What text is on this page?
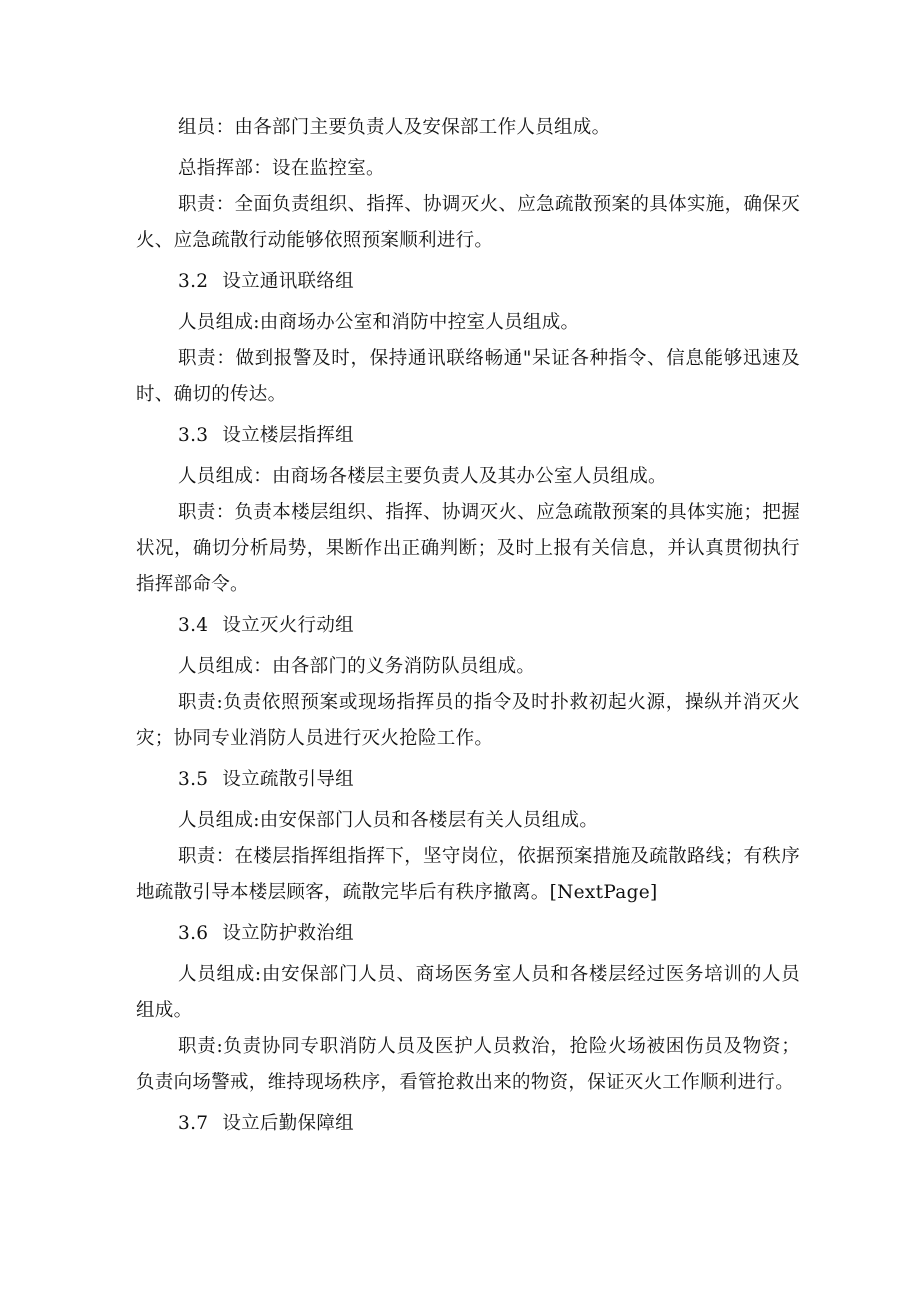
组员：由各部门主要负责人及安保部工作人员组成。

总指挥部：设在监控室。

职责：全面负责组织、指挥、协调灭火、应急疏散预案的具体实施，确保灭火、应急疏散行动能够依照预案顺利进行。

3.2 设立通讯联络组

人员组成:由商场办公室和消防中控室人员组成。

职责：做到报警及时，保持通讯联络畅通"呆证各种指令、信息能够迅速及时、确切的传达。

3.3 设立楼层指挥组

人员组成：由商场各楼层主要负责人及其办公室人员组成。

职责：负责本楼层组织、指挥、协调灭火、应急疏散预案的具体实施；把握状况，确切分析局势，果断作出正确判断；及时上报有关信息，并认真贯彻执行指挥部命令。

3.4 设立灭火行动组

人员组成：由各部门的义务消防队员组成。

职责:负责依照预案或现场指挥员的指令及时扑救初起火源，操纵并消灭火灾；协同专业消防人员进行灭火抢险工作。

3.5 设立疏散引导组

人员组成:由安保部门人员和各楼层有关人员组成。

职责：在楼层指挥组指挥下，坚守岗位，依据预案措施及疏散路线；有秩序地疏散引导本楼层顾客，疏散完毕后有秩序撤离。[NextPage]

3.6 设立防护救治组

人员组成:由安保部门人员、商场医务室人员和各楼层经过医务培训的人员组成。

职责:负责协同专职消防人员及医护人员救治，抢险火场被困伤员及物资；负责向场警戒，维持现场秩序，看管抢救出来的物资，保证灭火工作顺利进行。

3.7 设立后勤保障组
